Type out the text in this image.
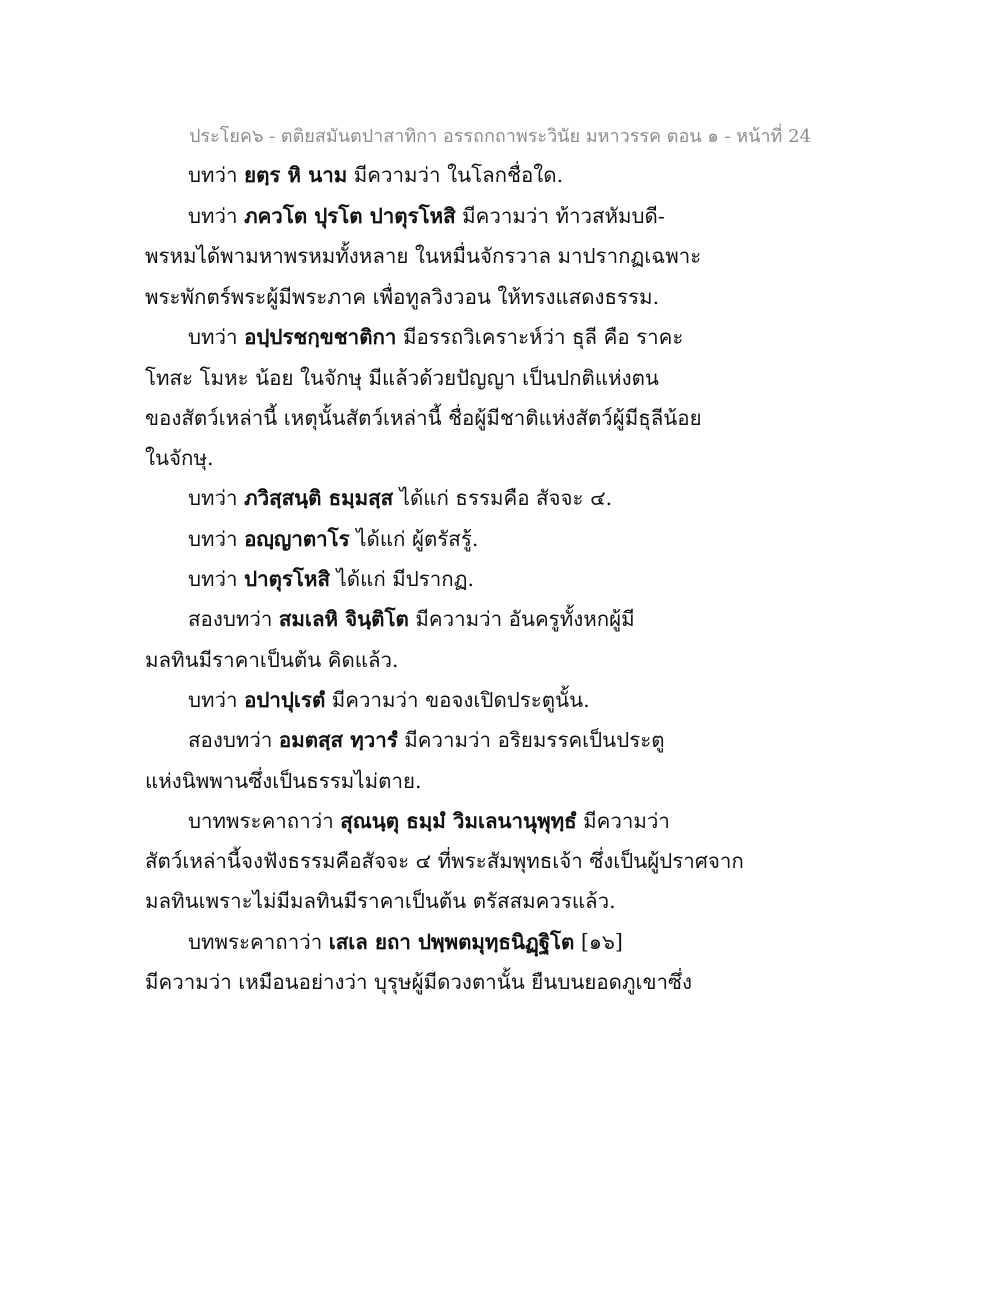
ประโยค๖ - ตติยสมันตปาสาทิกา อรรถกถาพระวินัย มหาวรรค ตอน ๑ - หน้าที่ 24
บทว่า ยตฺร หิ นาม มีความว่า ในโลกชื่อใด.
บทว่า ภควโต ปุรโต ปาตุรโหสิ มีความว่า ท้าวสหัมบดี-
พรหมได้พามหาพรหมทั้งหลาย ในหมื่นจักรวาล มาปรากฏเฉพาะ
พระพักตร์พระผู้มีพระภาค เพื่อทูลวิงวอน ให้ทรงแสดงธรรม.
บทว่า อปฺปรชกฺขชาติกา มีอรรถวิเคราะห์ว่า ธุลี คือ ราคะ
โทสะ โมหะ น้อย ในจักษุ มีแล้วด้วยปัญญา เป็นปกติแห่งตน
ของสัตว์เหล่านี้ เหตุนั้นสัตว์เหล่านี้ ชื่อผู้มีชาติแห่งสัตว์ผู้มีธุลีน้อย
ในจักษุ.
บทว่า ภวิสฺสนฺติ ธมฺมสฺส ได้แก่ ธรรมคือ สัจจะ ๔.
บทว่า อญฺญาตาโร ได้แก่ ผู้ตรัสรู้.
บทว่า ปาตุรโหสิ ได้แก่ มีปรากฏ.
สองบทว่า สมเลหิ จินฺติโต มีความว่า อันครูทั้งหกผู้มี
มลทินมีราคาเป็นต้น คิดแล้ว.
บทว่า อปาปุเรตํ มีความว่า ขอจงเปิดประตูนั้น.
สองบทว่า อมตสฺส ทฺวารํ มีความว่า อริยมรรคเป็นประตู
แห่งนิพพานซึ่งเป็นธรรมไม่ตาย.
บาทพระคาถาว่า สุณนฺตุ ธมฺมํ วิมเลนานุพุทฺธํ มีความว่า
สัตว์เหล่านี้จงฟังธรรมคือสัจจะ ๔ ที่พระสัมพุทธเจ้า ซึ่งเป็นผู้ปราศจาก
มลทินเพราะไม่มีมลทินมีราคาเป็นต้น ตรัสสมควรแล้ว.
บทพระคาถาว่า เสเล ยถา ปพฺพตมุทฺธนิฏฺฐิโต [๑๖]
มีความว่า เหมือนอย่างว่า บุรุษผู้มีดวงตานั้น ยืนบนยอดภูเขาซึ่ง
